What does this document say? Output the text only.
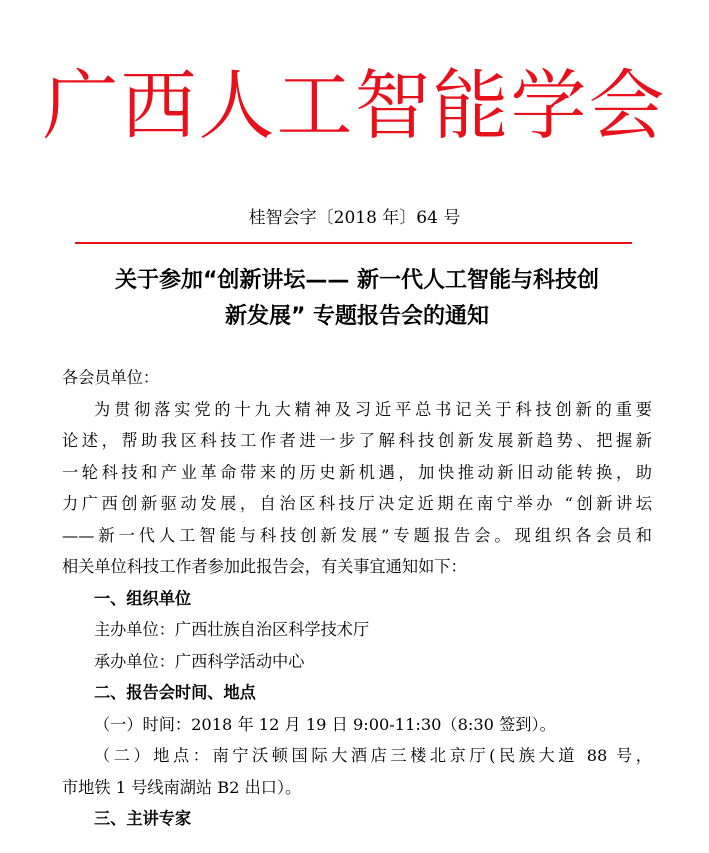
广西人工智能学会
桂智会字〔2018 年〕64 号
关于参加“创新讲坛—— 新一代人工智能与科技创
新发展” 专题报告会的通知
各会员单位：
为贯彻落实党的十九大精神及习近平总书记关于科技创新的重要
论述，帮助我区科技工作者进一步了解科技创新发展新趋势、把握新
一轮科技和产业革命带来的历史新机遇，加快推动新旧动能转换，助
力广西创新驱动发展，自治区科技厅决定近期在南宁举办 “创新讲坛
——新一代人工智能与科技创新发展”专题报告会。现组织各会员和
相关单位科技工作者参加此报告会，有关事宜通知如下：
一、组织单位
主办单位：广西壮族自治区科学技术厅
承办单位：广西科学活动中心
二、报告会时间、地点
（一）时间：2018 年 12 月 19 日 9:00-11:30（8:30 签到）。
（二）地点：南宁沃顿国际大酒店三楼北京厅(民族大道 88 号，
市地铁 1 号线南湖站 B2 出口）。
三、主讲专家
